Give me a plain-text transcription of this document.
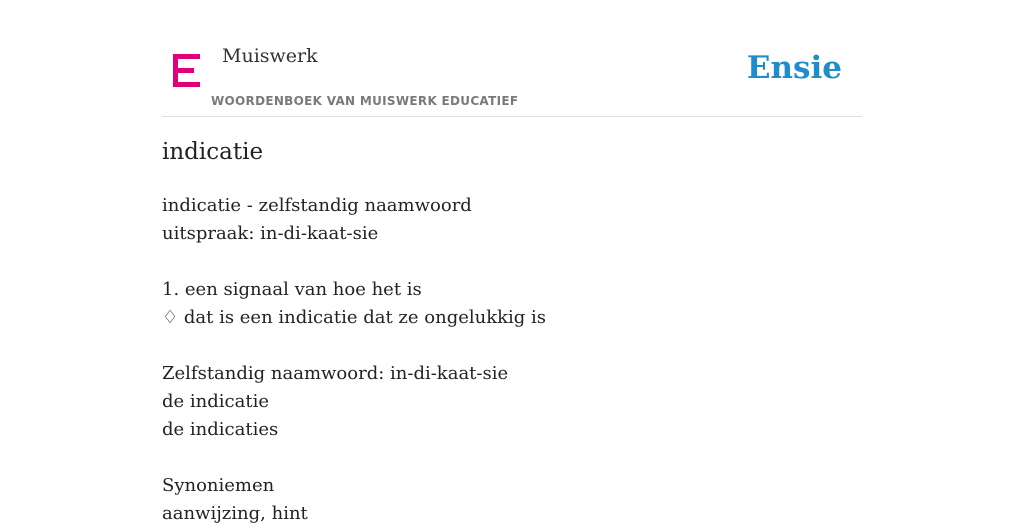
Muiswerk
WOORDENBOEK VAN MUISWERK EDUCATIEF
Ensie
indicatie
indicatie - zelfstandig naamwoord
uitspraak: in-di-kaat-sie
1. een signaal van hoe het is
♢ dat is een indicatie dat ze ongelukkig is
Zelfstandig naamwoord: in-di-kaat-sie
de indicatie
de indicaties
Synoniemen
aanwijzing, hint
